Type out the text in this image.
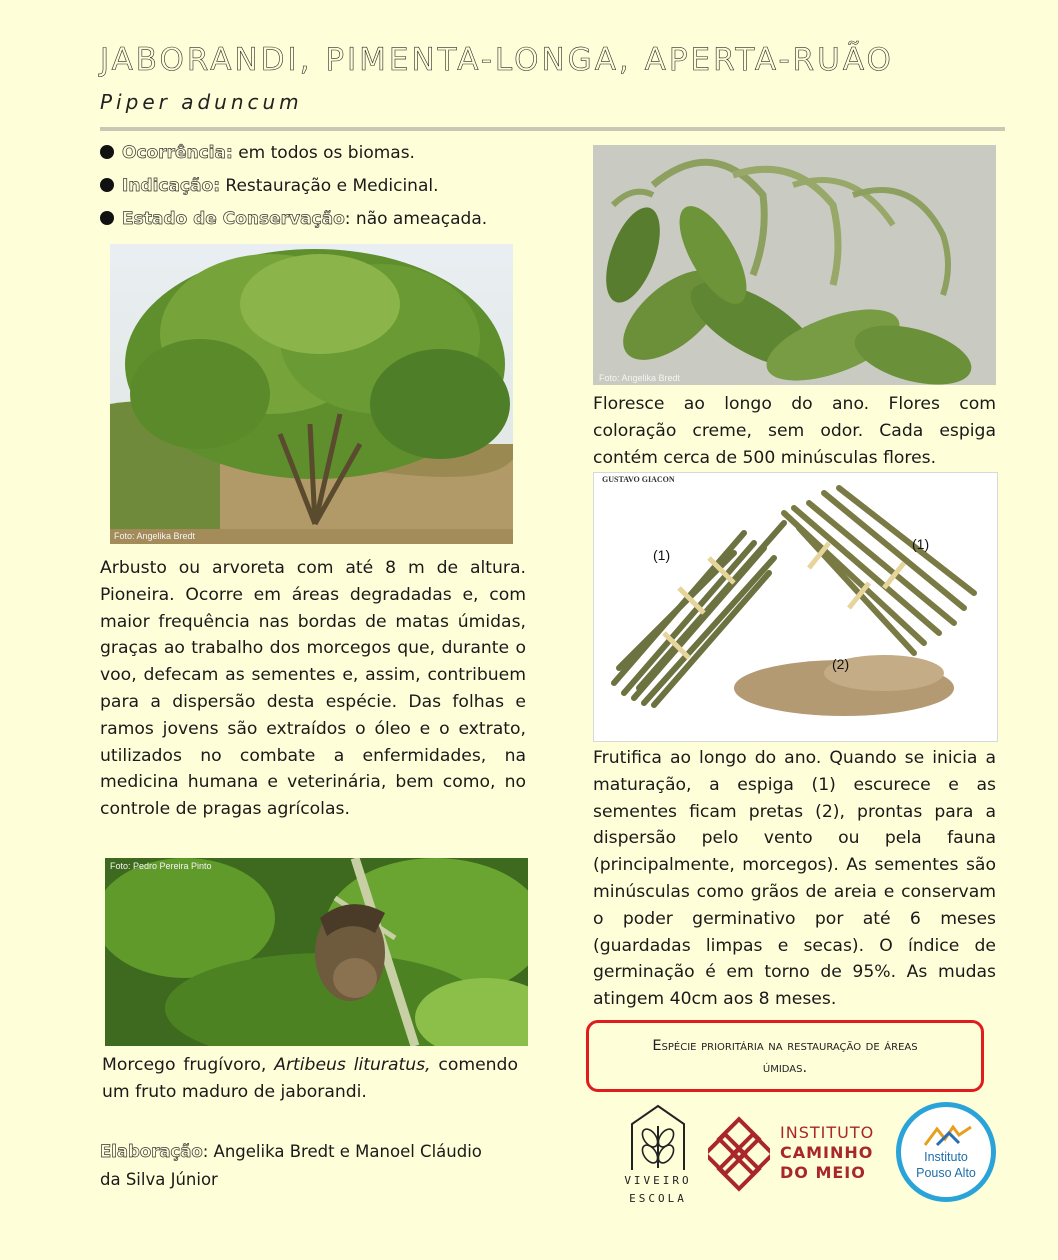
JABORANDI, PIMENTA-LONGA, APERTA-RUÃO
Piper aduncum
Ocorrência: em todos os biomas.
Indicação: Restauração e Medicinal.
Estado de Conservação: não ameaçada.
Foto: Angelika Bredt

Arbusto ou arvoreta com até 8 m de altura. Pioneira. Ocorre em áreas degradadas e, com maior frequência nas bordas de matas úmidas, graças ao trabalho dos morcegos que, durante o voo, defecam as sementes e, assim, contribuem para a dispersão desta espécie. Das folhas e ramos jovens são extraídos o óleo e o extrato, utilizados no combate a enfermidades, na medicina humana e veterinária, bem como, no controle de pragas agrícolas.

Foto: Pedro Pereira Pinto

Morcego frugívoro, Artibeus lituratus, comendo um fruto maduro de jaborandi.

Elaboração: Angelika Bredt e Manoel Cláudio
da Silva Júnior
Foto: Angelika Bredt

Floresce ao longo do ano. Flores com coloração creme, sem odor. Cada espiga contém cerca de 500 minúsculas flores.

GUSTAVO GIACON
(1)
(1)
(2)

Frutifica ao longo do ano. Quando se inicia a maturação, a espiga (1) escurece e as sementes ficam pretas (2), prontas para a dispersão pelo vento ou pela fauna (principalmente, morcegos). As sementes são minúsculas como grãos de areia e conservam o poder germinativo por até 6 meses (guardadas limpas e secas). O índice de germinação é em torno de 95%. As mudas atingem 40cm aos 8 meses.

Espécie prioritária na restauração de áreas
úmidas.
VIVEIRO
ESCOLA
INSTITUTO
CAMINHO
DO MEIO
Instituto
Pouso Alto
